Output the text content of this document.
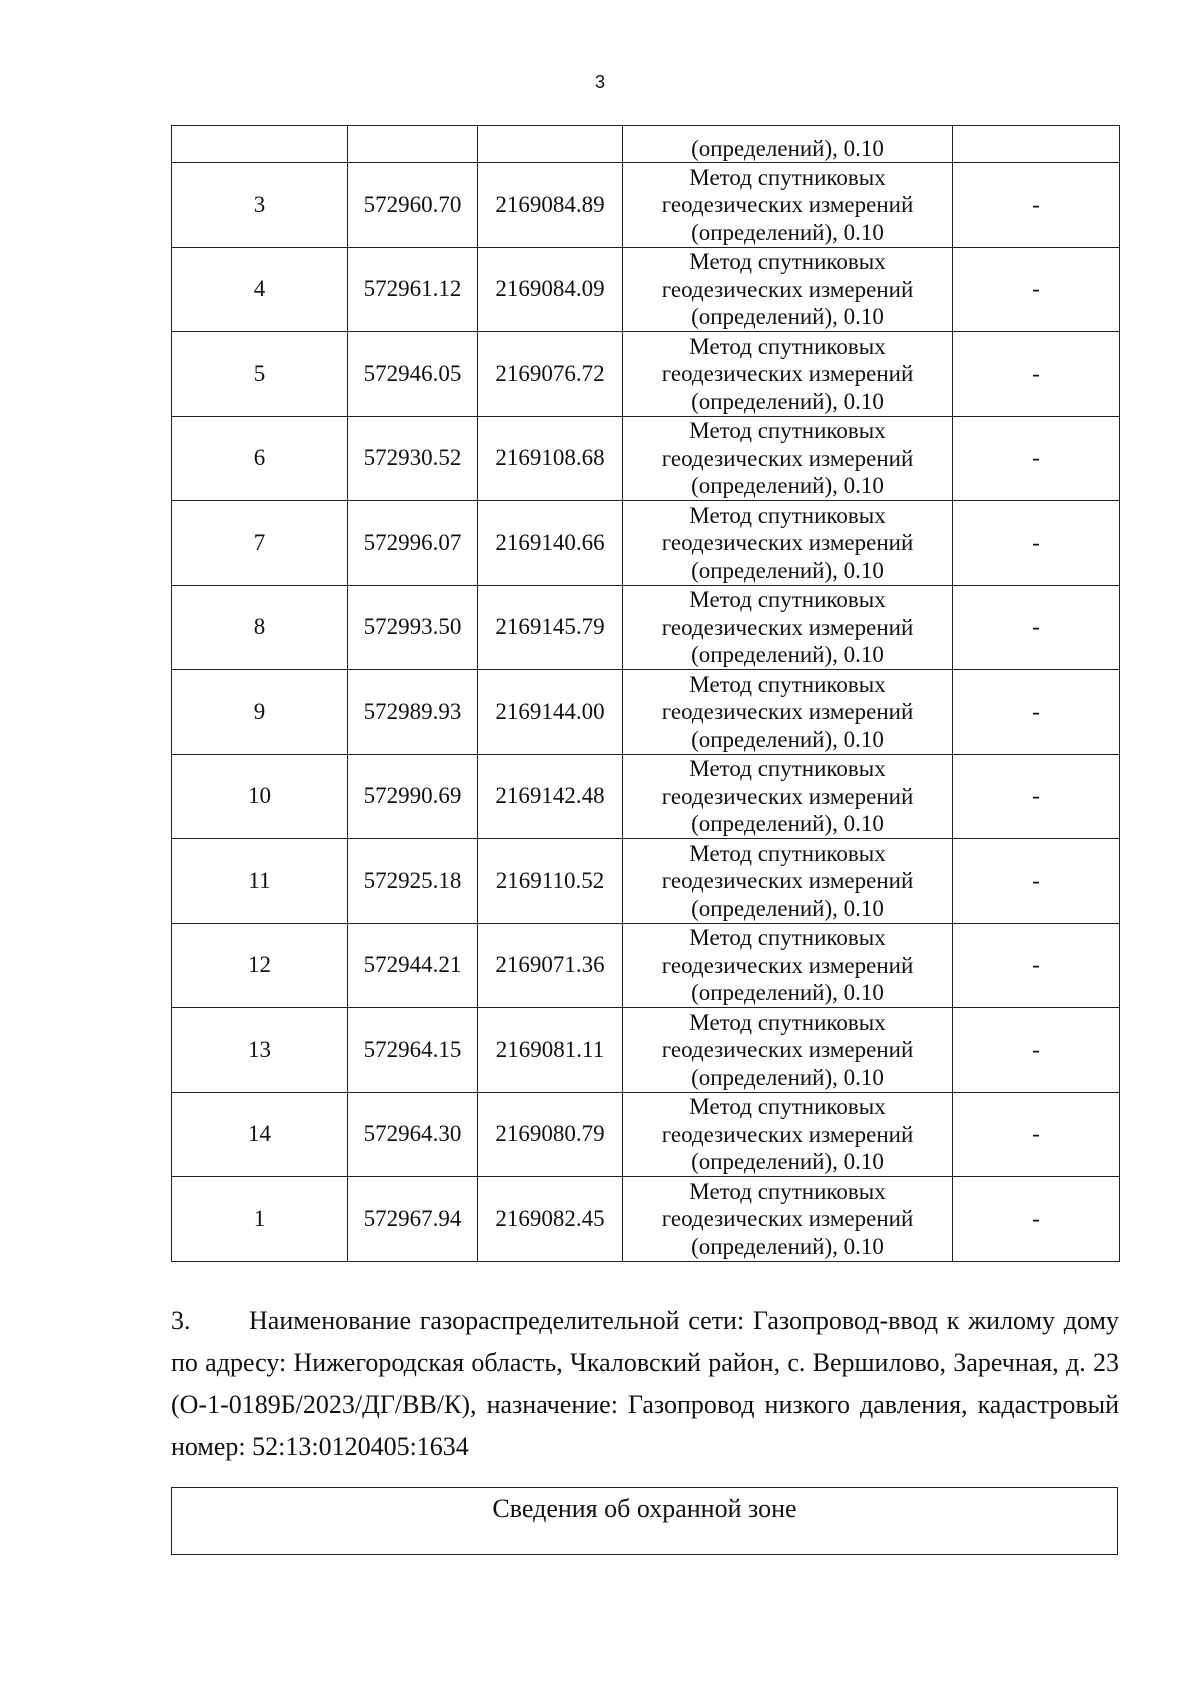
3
			(определений), 0.10	
3	572960.70	2169084.89	Метод спутниковых
геодезических измерений
(определений), 0.10	-
4	572961.12	2169084.09	Метод спутниковых
геодезических измерений
(определений), 0.10	-
5	572946.05	2169076.72	Метод спутниковых
геодезических измерений
(определений), 0.10	-
6	572930.52	2169108.68	Метод спутниковых
геодезических измерений
(определений), 0.10	-
7	572996.07	2169140.66	Метод спутниковых
геодезических измерений
(определений), 0.10	-
8	572993.50	2169145.79	Метод спутниковых
геодезических измерений
(определений), 0.10	-
9	572989.93	2169144.00	Метод спутниковых
геодезических измерений
(определений), 0.10	-
10	572990.69	2169142.48	Метод спутниковых
геодезических измерений
(определений), 0.10	-
11	572925.18	2169110.52	Метод спутниковых
геодезических измерений
(определений), 0.10	-
12	572944.21	2169071.36	Метод спутниковых
геодезических измерений
(определений), 0.10	-
13	572964.15	2169081.11	Метод спутниковых
геодезических измерений
(определений), 0.10	-
14	572964.30	2169080.79	Метод спутниковых
геодезических измерений
(определений), 0.10	-
1	572967.94	2169082.45	Метод спутниковых
геодезических измерений
(определений), 0.10	-
3. Наименование газораспределительной сети: Газопровод-ввод к жилому дому по адресу: Нижегородская область, Чкаловский район, с. Вершилово, Заречная, д. 23 (О-1-0189Б/2023/ДГ/ВВ/К), назначение: Газопровод низкого давления, кадастровый номер: 52:13:0120405:1634
Сведения об охранной зоне
